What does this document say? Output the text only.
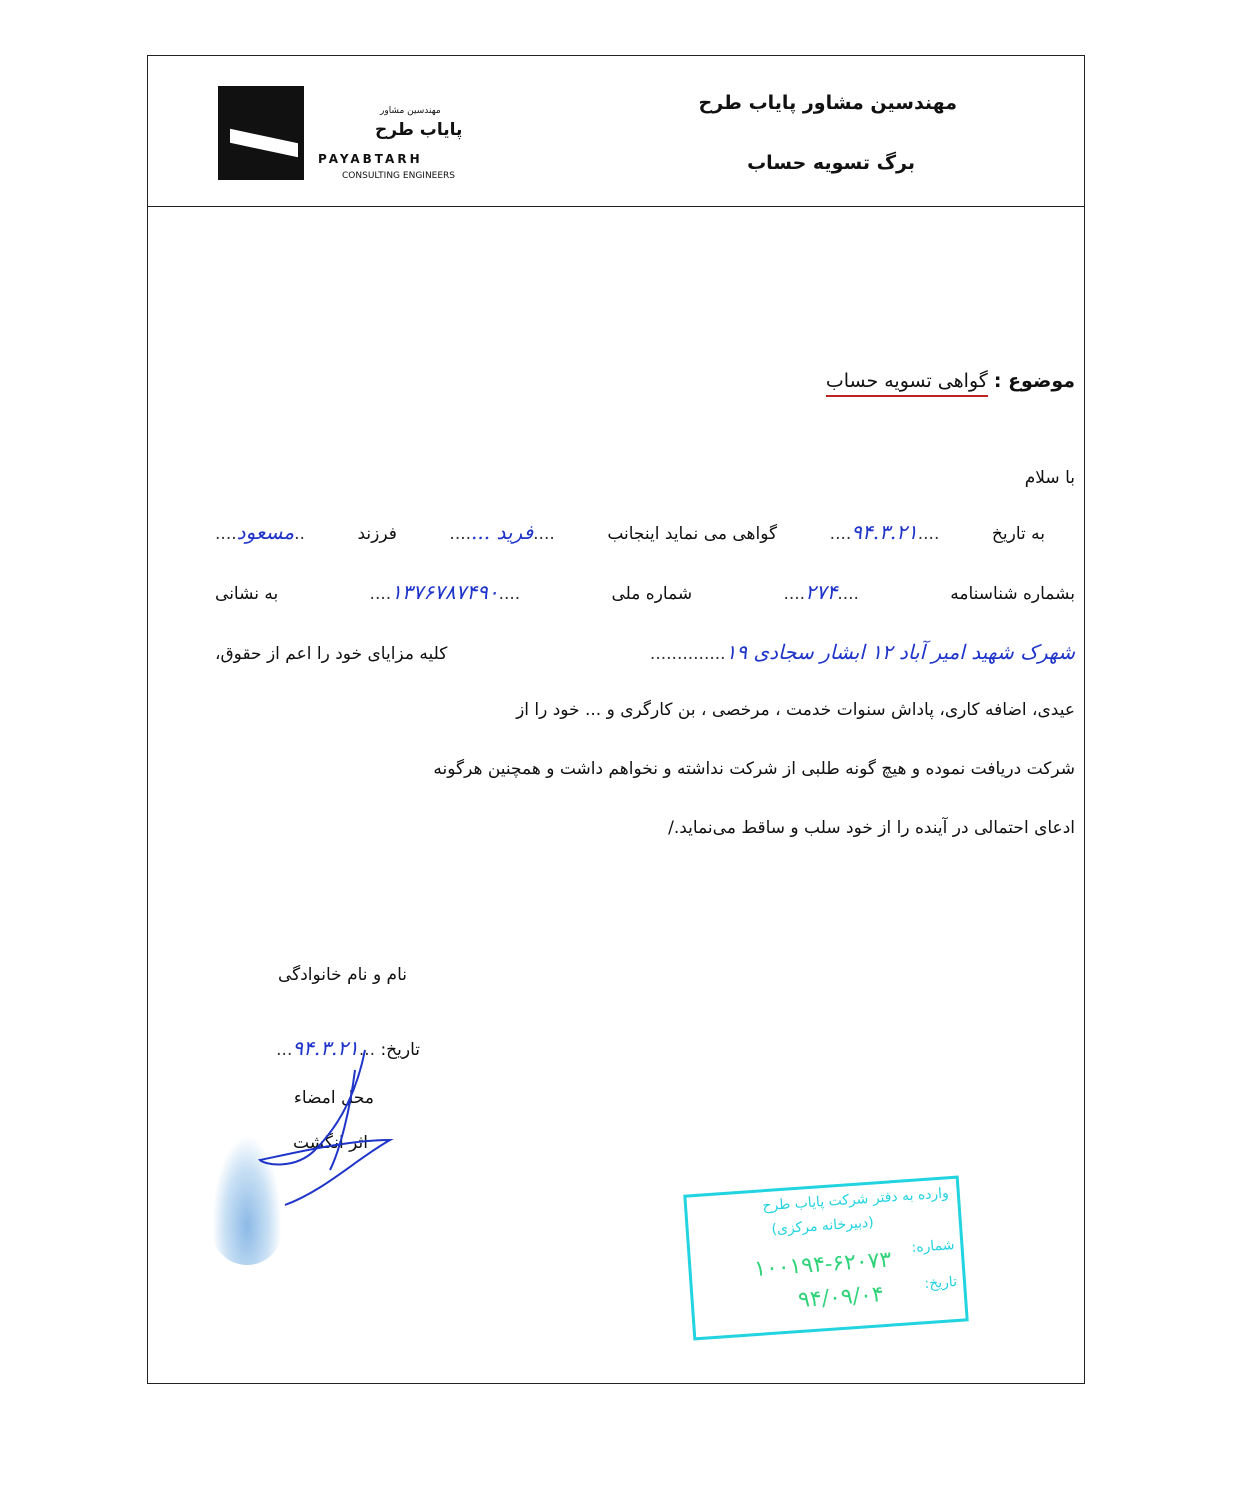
مهندسین مشاور
پایاب طرح
PAYABTARH
CONSULTING ENGINEERS
مهندسین مشاور پایاب طرح
برگ تسویه حساب
موضوع : گواهی تسویه حساب
با سلام
به تاریخ
....۹۴.۳.۲۱....
گواهی می نماید اینجانب
....فرید .......
فرزند
..مسعود....
بشماره شناسنامه
....۲۷۴....
شماره ملی
....۱۳۷۶۷۸۷۴۹۰....
به نشانی
شهرک شهید امیر آباد ۱۲ ابشار سجادی ۱۹..............
کلیه مزایای خود را اعم از حقوق،
عیدی، اضافه کاری، پاداش سنوات خدمت ، مرخصی ، بن کارگری و ... خود را از
شرکت دریافت نموده و هیچ گونه طلبی از شرکت نداشته و نخواهم داشت و همچنین هرگونه
ادعای احتمالی در آینده را از خود سلب و ساقط می‌نماید./
نام و نام خانوادگی
تاریخ: ...۹۴.۳.۲۱...
محل امضاء
اثر انگشت
وارده به دفتر شرکت پایاب طرح
(دبیرخانه مرکزی)
شماره:
۱۰۰۱۹۴-۶۲۰۷۳
تاریخ:
۹۴/۰۹/۰۴
